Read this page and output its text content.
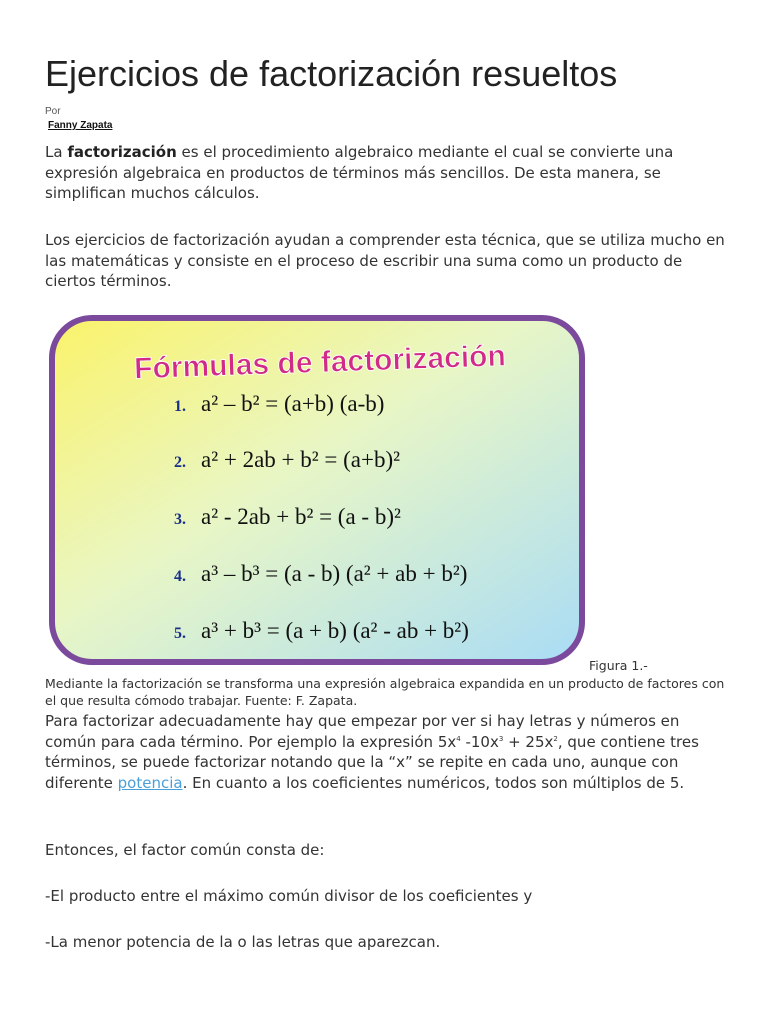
Ejercicios de factorización resueltos
Por
Fanny Zapata

La factorización es el procedimiento algebraico mediante el cual se convierte una expresión algebraica en productos de términos más sencillos. De esta manera, se simplifican muchos cálculos.

Los ejercicios de factorización ayudan a comprender esta técnica, que se utiliza mucho en las matemáticas y consiste en el proceso de escribir una suma como un producto de ciertos términos.

Fórmulas de factorización
1. a² – b² = (a+b) (a-b)
2. a² + 2ab + b² = (a+b)²
3. a² - 2ab + b² = (a - b)²
4. a³ – b³ = (a - b) (a² + ab + b²)
5. a³ + b³ = (a + b) (a² - ab + b²)
Figura 1.-
Mediante la factorización se transforma una expresión algebraica expandida en un producto de factores con el que resulta cómodo trabajar. Fuente: F. Zapata.

Para factorizar adecuadamente hay que empezar por ver si hay letras y números en común para cada término. Por ejemplo la expresión $5x^4$ $-10x^3 + 25x^2$, que contiene tres términos, se puede factorizar notando que la “x” se repite en cada uno, aunque con diferente potencia. En cuanto a los coeficientes numéricos, todos son múltiplos de 5.

Entonces, el factor común consta de:

-El producto entre el máximo común divisor de los coeficientes y

-La menor potencia de la o las letras que aparezcan.
